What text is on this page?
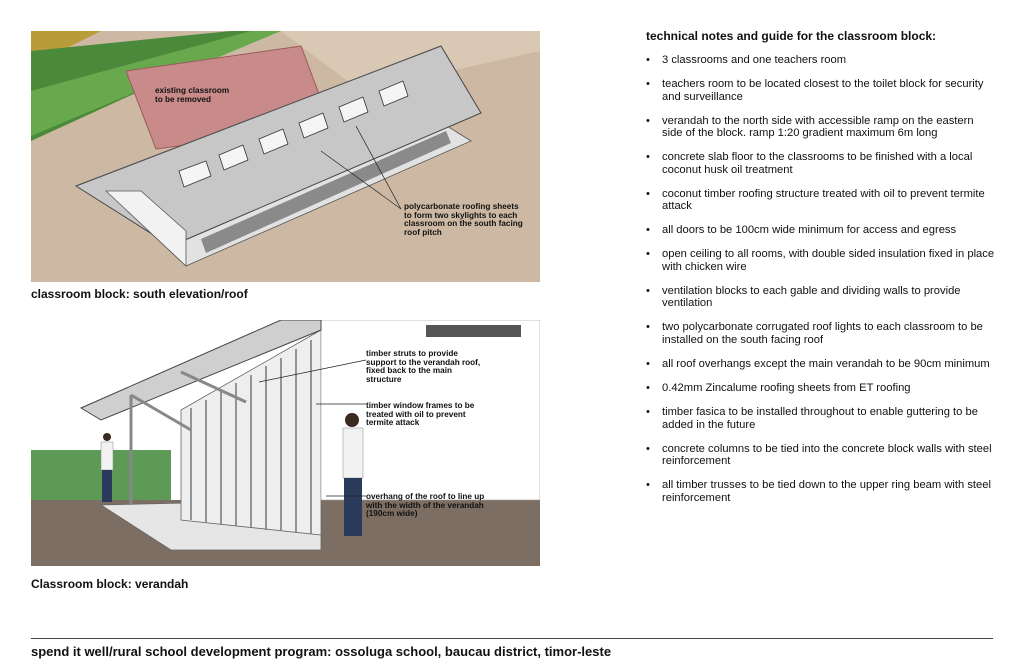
existing classroom
to be removed
polycarbonate roofing sheets
to form two skylights to each
classroom on the south facing
roof pitch
classroom block: south elevation/roof
timber struts to provide
support to the verandah roof,
fixed back to the main
structure
timber window frames to be
treated with oil to prevent
termite attack
overhang of the roof to line up
with the width of the verandah
(190cm wide)
Classroom block: verandah
technical notes and guide for the classroom block:
• 3 classrooms and one teachers room
• teachers room to be located closest to the toilet block for security and surveillance
• verandah to the north side with accessible ramp on the eastern side of the block. ramp 1:20 gradient maximum 6m long
• concrete slab floor to the classrooms to be finished with a local coconut husk oil treatment
• coconut timber roofing structure treated with oil to prevent termite attack
• all doors to be 100cm wide minimum for access and egress
• open ceiling to all rooms, with double sided insulation fixed in place with chicken wire
• ventilation blocks to each gable and dividing walls to provide ventilation
• two polycarbonate corrugated roof lights to each classroom to be installed on the south facing roof
• all roof overhangs except the main verandah to be 90cm minimum
• 0.42mm Zincalume roofing sheets from ET roofing
• timber fasica to be installed throughout to enable guttering to be added in the future
• concrete columns to be tied into the concrete block walls with steel reinforcement
• all timber trusses to be tied down to the upper ring beam with steel reinforcement
spend it well/rural school development program: ossoluga school, baucau district, timor-leste
